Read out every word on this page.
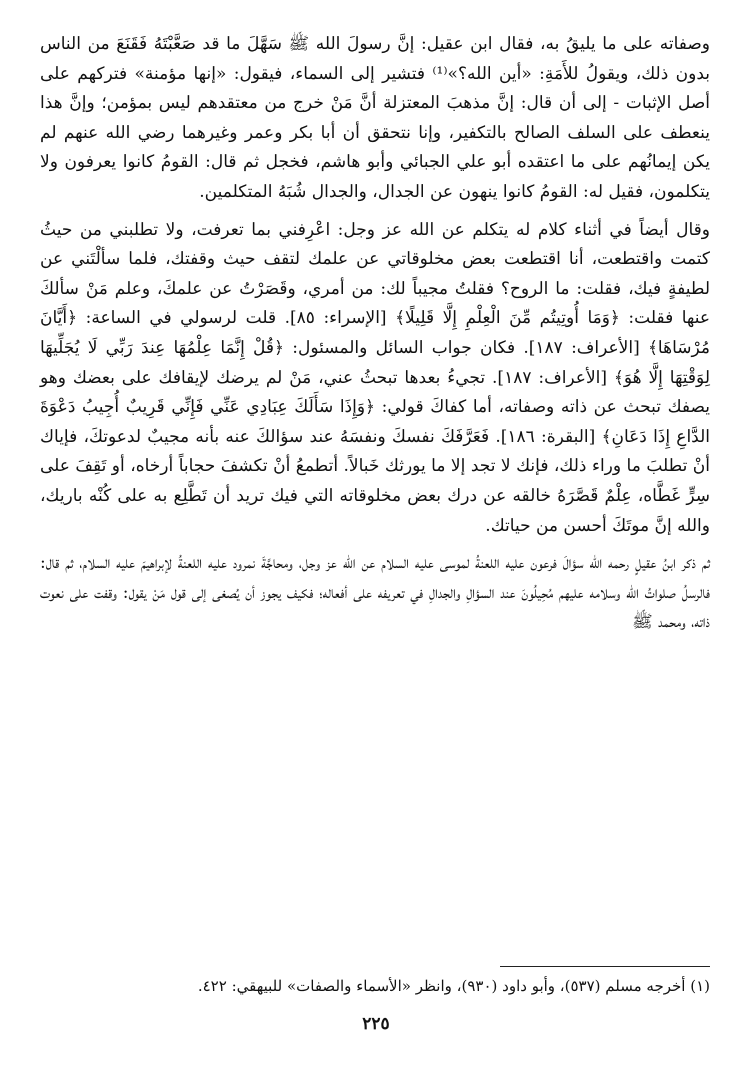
وصفاته على ما يليقُ به، فقال ابن عقيل: إنَّ رسولَ الله ﷺ سَهَّلَ ما قد صَعَّبْتَهُ فَقَنَعَ من الناس بدون ذلك، ويقولُ للأَمَةِ: «أين الله؟»⁽¹⁾ فتشير إلى السماء، فيقول: «إنها مؤمنة» فتركهم على أصل الإثبات - إلى أن قال: إنَّ مذهبَ المعتزلة أنَّ مَنْ خرج من معتقدهم ليس بمؤمن؛ وإنَّ هذا ينعطف على السلف الصالح بالتكفير، وإنا نتحقق أن أبا بكر وعمر وغيرهما رضي الله عنهم لم يكن إيمانُهم على ما اعتقده أبو علي الجبائي وأبو هاشم، فخجل ثم قال: القومُ كانوا يعرفون ولا يتكلمون، فقيل له: القومُ كانوا ينهون عن الجدال، والجدال شُبَهُ المتكلمين.

وقال أيضاً في أثناء كلام له يتكلم عن الله عز وجل: اعْرِفني بما تعرفت، ولا تطلبني من حيثُ كتمت واقتطعت، أنا اقتطعت بعض مخلوقاتي عن علمك لتقف حيث وقفتك، فلما سألْتَني عن لطيفةٍ فيك، فقلت: ما الروح؟ فقلتُ مجيباً لك: من أمري، وقَصَرْتُ عن علمكَ، وعلم مَنْ سألكَ عنها فقلت: ﴿وَمَا أُوتِيتُم مِّنَ الْعِلْمِ إِلَّا قَلِيلًا﴾ [الإسراء: ٨٥]. قلت لرسولي في الساعة: ﴿أَيَّانَ مُرْسَاهَا﴾ [الأعراف: ١٨٧]. فكان جواب السائل والمسئول: ﴿قُلْ إِنَّمَا عِلْمُهَا عِندَ رَبِّي لَا يُجَلِّيهَا لِوَقْتِهَا إِلَّا هُوَ﴾ [الأعراف: ١٨٧]. تجيءُ بعدها تبحثُ عني، مَنْ لم يرضك لإيقافك على بعضك وهو يصفك تبحث عن ذاته وصفاته، أما كفاكَ قولي: ﴿وَإِذَا سَأَلَكَ عِبَادِي عَنِّي فَإِنِّي قَرِيبٌ أُجِيبُ دَعْوَةَ الدَّاعِ إِذَا دَعَانِ﴾ [البقرة: ١٨٦]. فَعَرَّفَكَ نفسكَ ونفسَهُ عند سؤالكَ عنه بأنه مجيبٌ لدعوتكَ، فإياك أنْ تطلبَ ما وراء ذلك، فإنك لا تجد إلا ما يورثك خَبالاً. أتطمعُ أنْ تكشفَ حجاباً أرخاه، أو تَقِفَ على سِرٍّ غَطَّاه، عِلْمٌ قَصَّرَهُ خالقه عن درك بعض مخلوقاته التي فيك تريد أن تَطَّلِع به على كُنْه باريك، والله إنَّ موتَكَ أحسن من حياتك.

ثم ذكر ابنُ عقيلٍ رحمه الله سؤالَ فرعون عليه اللعنةُ لموسى عليه السلام عن الله عز وجل، ومحاجَّةَ نمرود عليه اللعنةُ لإبراهيمَ عليه السلام، ثم قال: فالرسلُ صلواتُ الله وسلامه عليهم مُحِيلُونَ عند السؤالِ والجدالِ في تعريفه على أفعاله؛ فكيف يجوز أن يُصغى إلى قول مَنْ يقول: وقفت على نعوت ذاته، ومحمد ﷺ

(١) أخرجه مسلم (٥٣٧)، وأبو داود (٩٣٠)، وانظر «الأسماء والصفات» للبيهقي: ٤٢٢.
٢٢٥
